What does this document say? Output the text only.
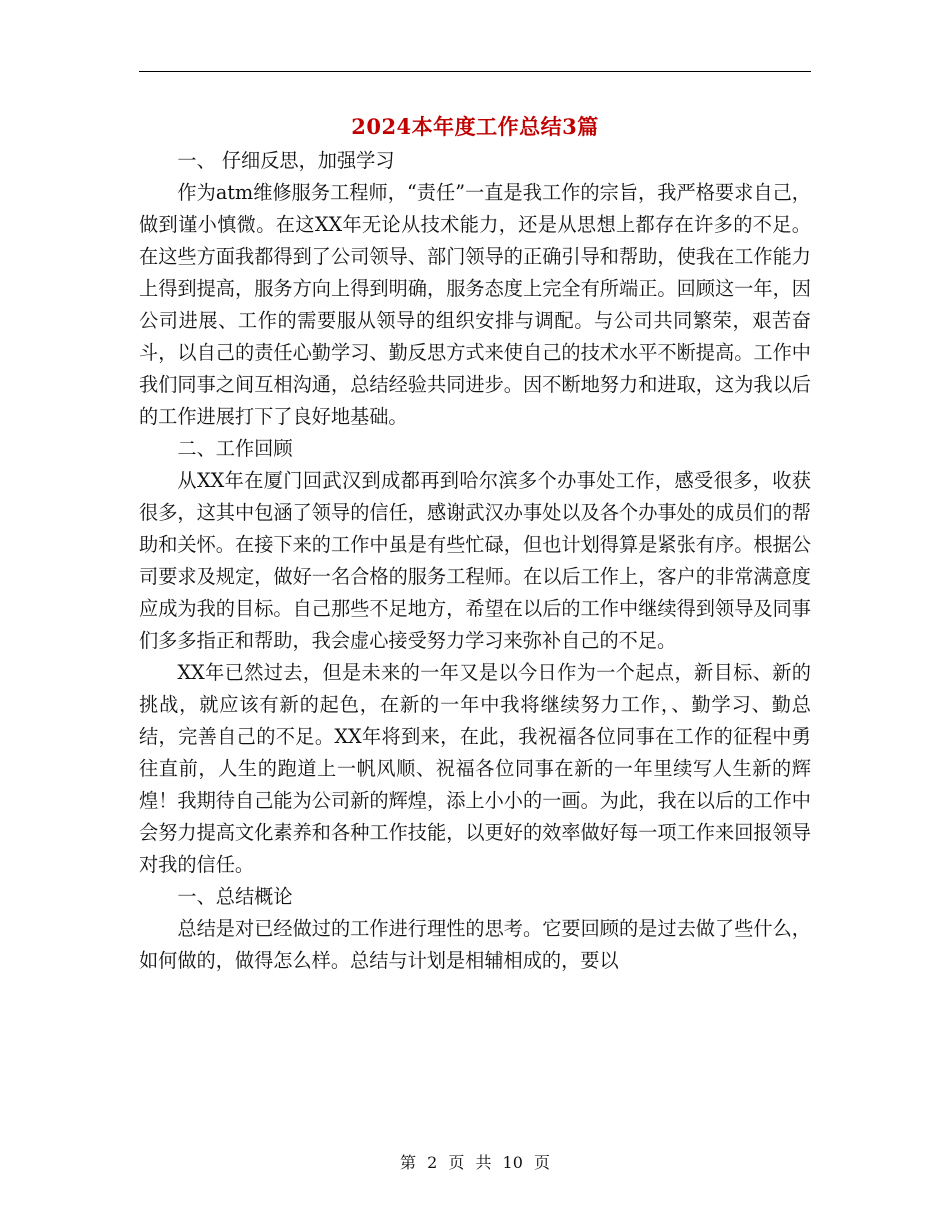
2024本年度工作总结3篇

一、 仔细反思，加强学习

作为atm维修服务工程师，“责任”一直是我工作的宗旨，我严格要求自己，做到谨小慎微。在这XX年无论从技术能力，还是从思想上都存在许多的不足。在这些方面我都得到了公司领导、部门领导的正确引导和帮助，使我在工作能力上得到提高，服务方向上得到明确，服务态度上完全有所端正。回顾这一年，因公司进展、工作的需要服从领导的组织安排与调配。与公司共同繁荣，艰苦奋斗，以自己的责任心勤学习、勤反思方式来使自己的技术水平不断提高。工作中我们同事之间互相沟通，总结经验共同进步。因不断地努力和进取，这为我以后的工作进展打下了良好地基础。

二、工作回顾

从XX年在厦门回武汉到成都再到哈尔滨多个办事处工作，感受很多，收获很多，这其中包涵了领导的信任，感谢武汉办事处以及各个办事处的成员们的帮助和关怀。在接下来的工作中虽是有些忙碌，但也计划得算是紧张有序。根据公司要求及规定，做好一名合格的服务工程师。在以后工作上，客户的非常满意度应成为我的目标。自己那些不足地方，希望在以后的工作中继续得到领导及同事们多多指正和帮助，我会虚心接受努力学习来弥补自己的不足。

XX年已然过去，但是未来的一年又是以今日作为一个起点，新目标、新的挑战，就应该有新的起色，在新的一年中我将继续努力工作，、勤学习、勤总结，完善自己的不足。XX年将到来，在此，我祝福各位同事在工作的征程中勇往直前，人生的跑道上一帆风顺、祝福各位同事在新的一年里续写人生新的辉煌！我期待自己能为公司新的辉煌，添上小小的一画。为此，我在以后的工作中会努力提高文化素养和各种工作技能，以更好的效率做好每一项工作来回报领导对我的信任。

一、总结概论

总结是对已经做过的工作进行理性的思考。它要回顾的是过去做了些什么，如何做的，做得怎么样。总结与计划是相辅相成的，要以

第 2 页 共 10 页
